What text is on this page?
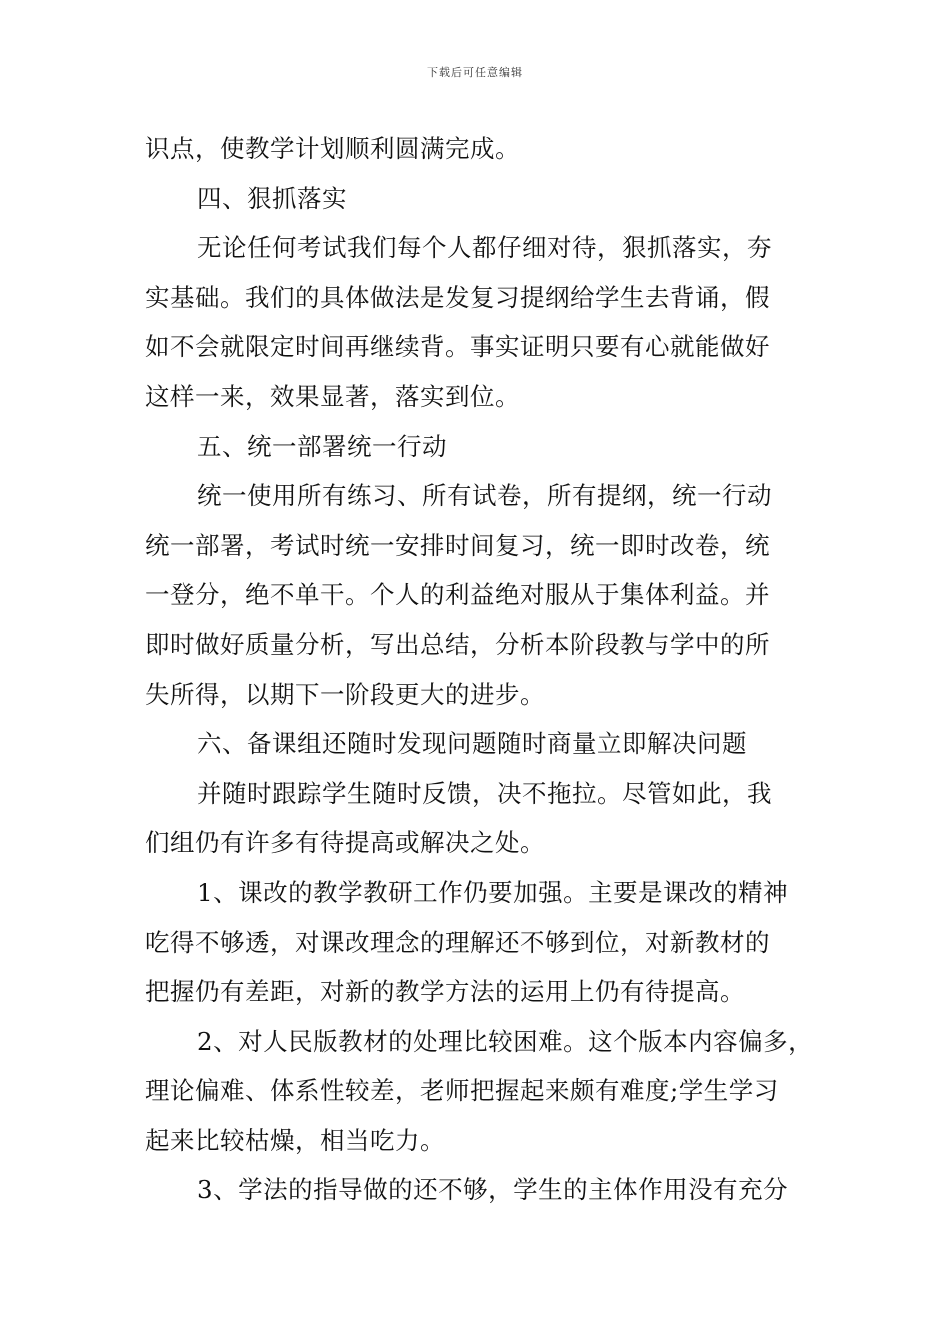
下载后可任意编辑
识点，使教学计划顺利圆满完成。
四、狠抓落实
无论任何考试我们每个人都仔细对待，狠抓落实，夯
实基础。我们的具体做法是发复习提纲给学生去背诵，假
如不会就限定时间再继续背。事实证明只要有心就能做好
这样一来，效果显著，落实到位。
五、统一部署统一行动
统一使用所有练习、所有试卷，所有提纲，统一行动
统一部署，考试时统一安排时间复习，统一即时改卷，统
一登分，绝不单干。个人的利益绝对服从于集体利益。并
即时做好质量分析，写出总结，分析本阶段教与学中的所
失所得，以期下一阶段更大的进步。
六、备课组还随时发现问题随时商量立即解决问题
并随时跟踪学生随时反馈，决不拖拉。尽管如此，我
们组仍有许多有待提高或解决之处。
1、课改的教学教研工作仍要加强。主要是课改的精神
吃得不够透，对课改理念的理解还不够到位，对新教材的
把握仍有差距，对新的教学方法的运用上仍有待提高。
2、对人民版教材的处理比较困难。这个版本内容偏多，
理论偏难、体系性较差，老师把握起来颇有难度;学生学习
起来比较枯燥，相当吃力。
3、学法的指导做的还不够，学生的主体作用没有充分
